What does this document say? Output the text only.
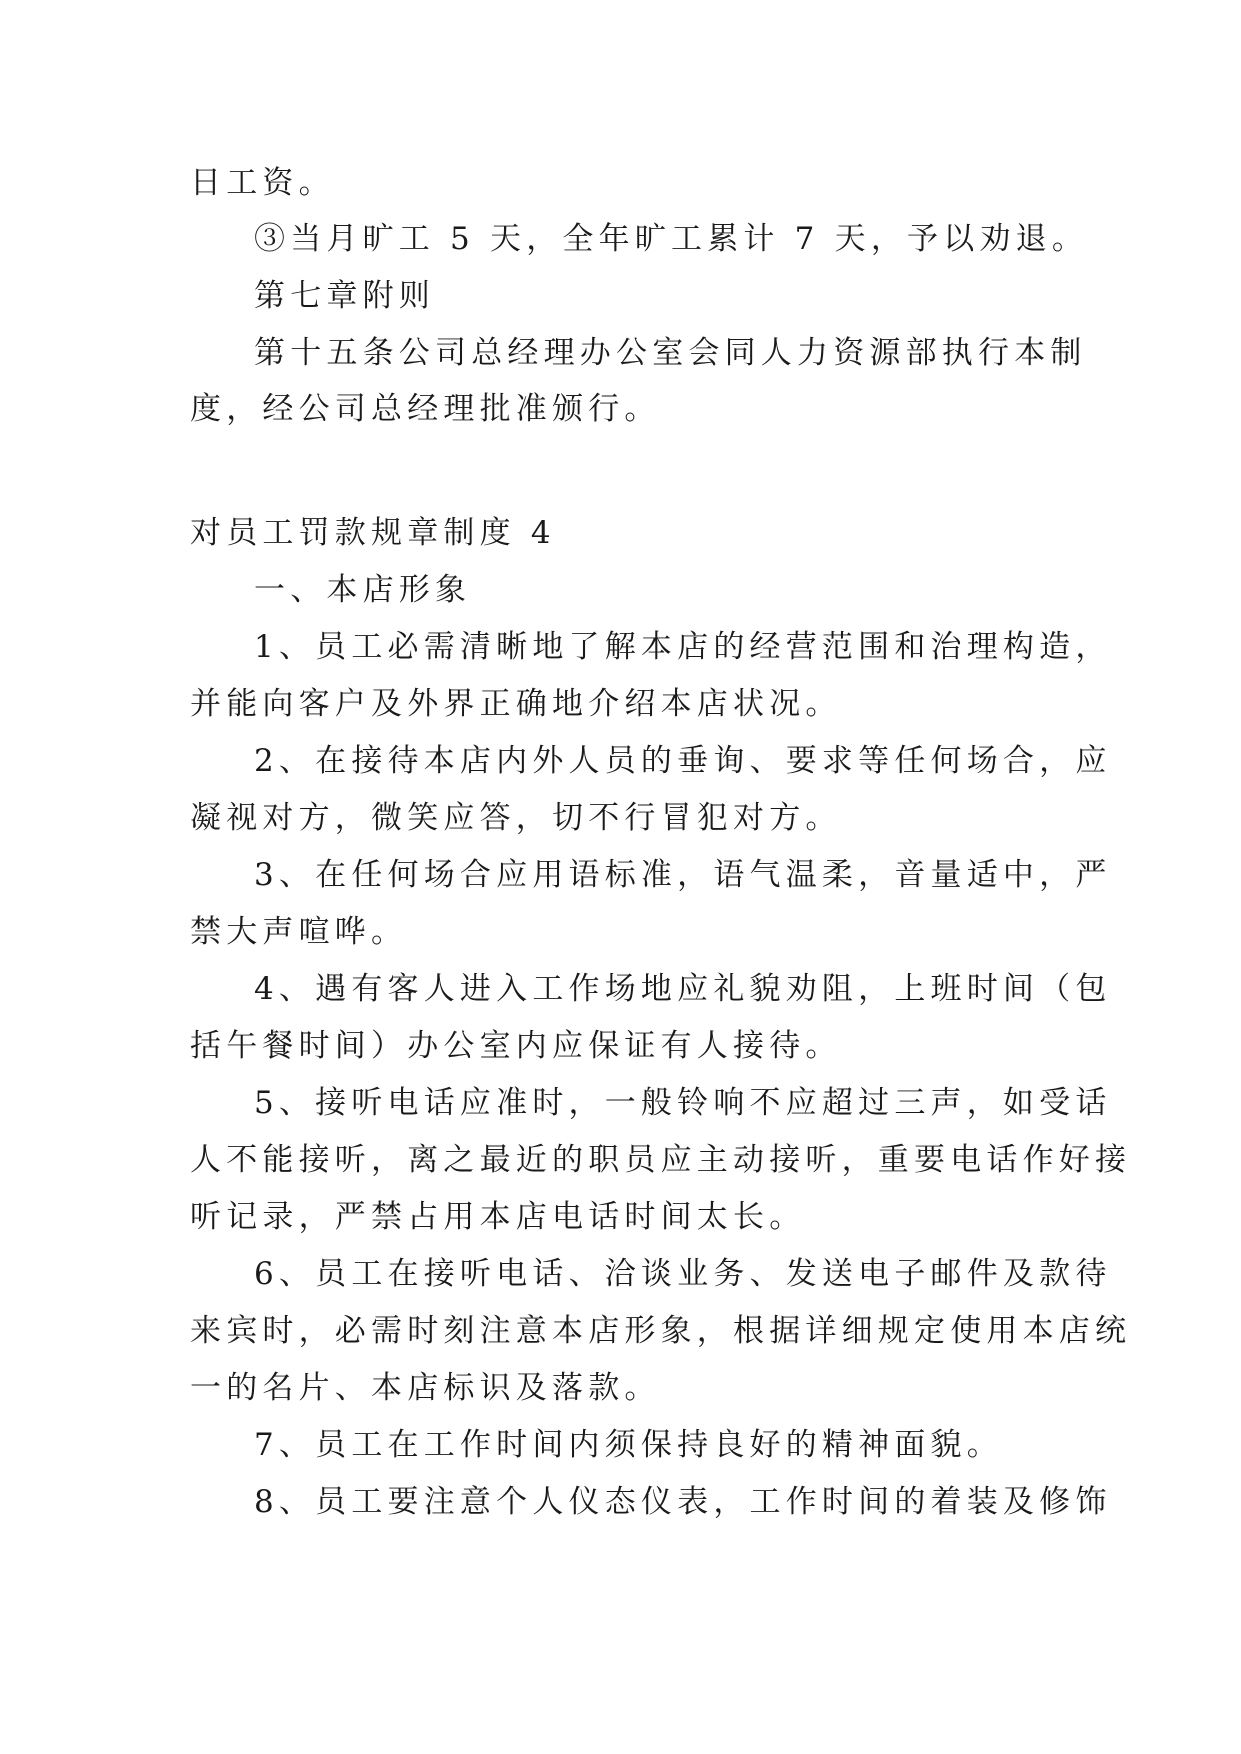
日工资。
③当月旷工 5 天，全年旷工累计 7 天，予以劝退。
第七章附则
第十五条公司总经理办公室会同人力资源部执行本制
度，经公司总经理批准颁行。
对员工罚款规章制度 4
一、本店形象
1、员工必需清晰地了解本店的经营范围和治理构造，
并能向客户及外界正确地介绍本店状况。
2、在接待本店内外人员的垂询、要求等任何场合，应
凝视对方，微笑应答，切不行冒犯对方。
3、在任何场合应用语标准，语气温柔，音量适中，严
禁大声喧哗。
4、遇有客人进入工作场地应礼貌劝阻，上班时间（包
括午餐时间）办公室内应保证有人接待。
5、接听电话应准时，一般铃响不应超过三声，如受话
人不能接听，离之最近的职员应主动接听，重要电话作好接
听记录，严禁占用本店电话时间太长。
6、员工在接听电话、洽谈业务、发送电子邮件及款待
来宾时，必需时刻注意本店形象，根据详细规定使用本店统
一的名片、本店标识及落款。
7、员工在工作时间内须保持良好的精神面貌。
8、员工要注意个人仪态仪表，工作时间的着装及修饰
